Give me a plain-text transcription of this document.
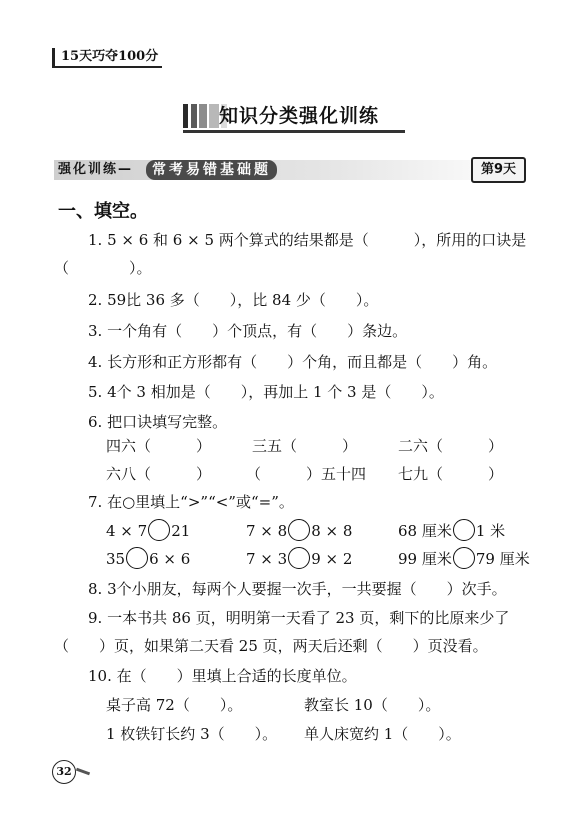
15天巧夺100分
知识分类强化训练
强化训练—	常考易错基础题	第9天
一、填空。
1. 5 × 6 和 6 × 5 两个算式的结果都是（　　　），所用的口诀是
（　　　　）。
2. 59比 36 多（　　），比 84 少（　　）。
3. 一个角有（　　）个顶点，有（　　）条边。
4. 长方形和正方形都有（　　）个角，而且都是（　　）角。
5. 4个 3 相加是（　　），再加上 1 个 3 是（　　）。
6. 把口诀填写完整。
四六（　　　）	三五（　　　）	二六（　　　）
六八（　　　） （　　　）五十四 七九（　　　）
7. 在○里填上“>”“<”或“=”。
4 × 7 21	7 × 8 8 × 8	68 厘米 1 米
35 6 × 6	7 × 3 9 × 2	99 厘米 79 厘米
8. 3个小朋友，每两个人要握一次手，一共要握（　　）次手。
9. 一本书共 86 页，明明第一天看了 23 页，剩下的比原来少了
（　　）页，如果第二天看 25 页，两天后还剩（　　）页没看。
10. 在（　　）里填上合适的长度单位。
桌子高 72（　　）。	教室长 10（　　）。
1 枚铁钉长约 3（　　）。 单人床宽约 1（　　）。
32
